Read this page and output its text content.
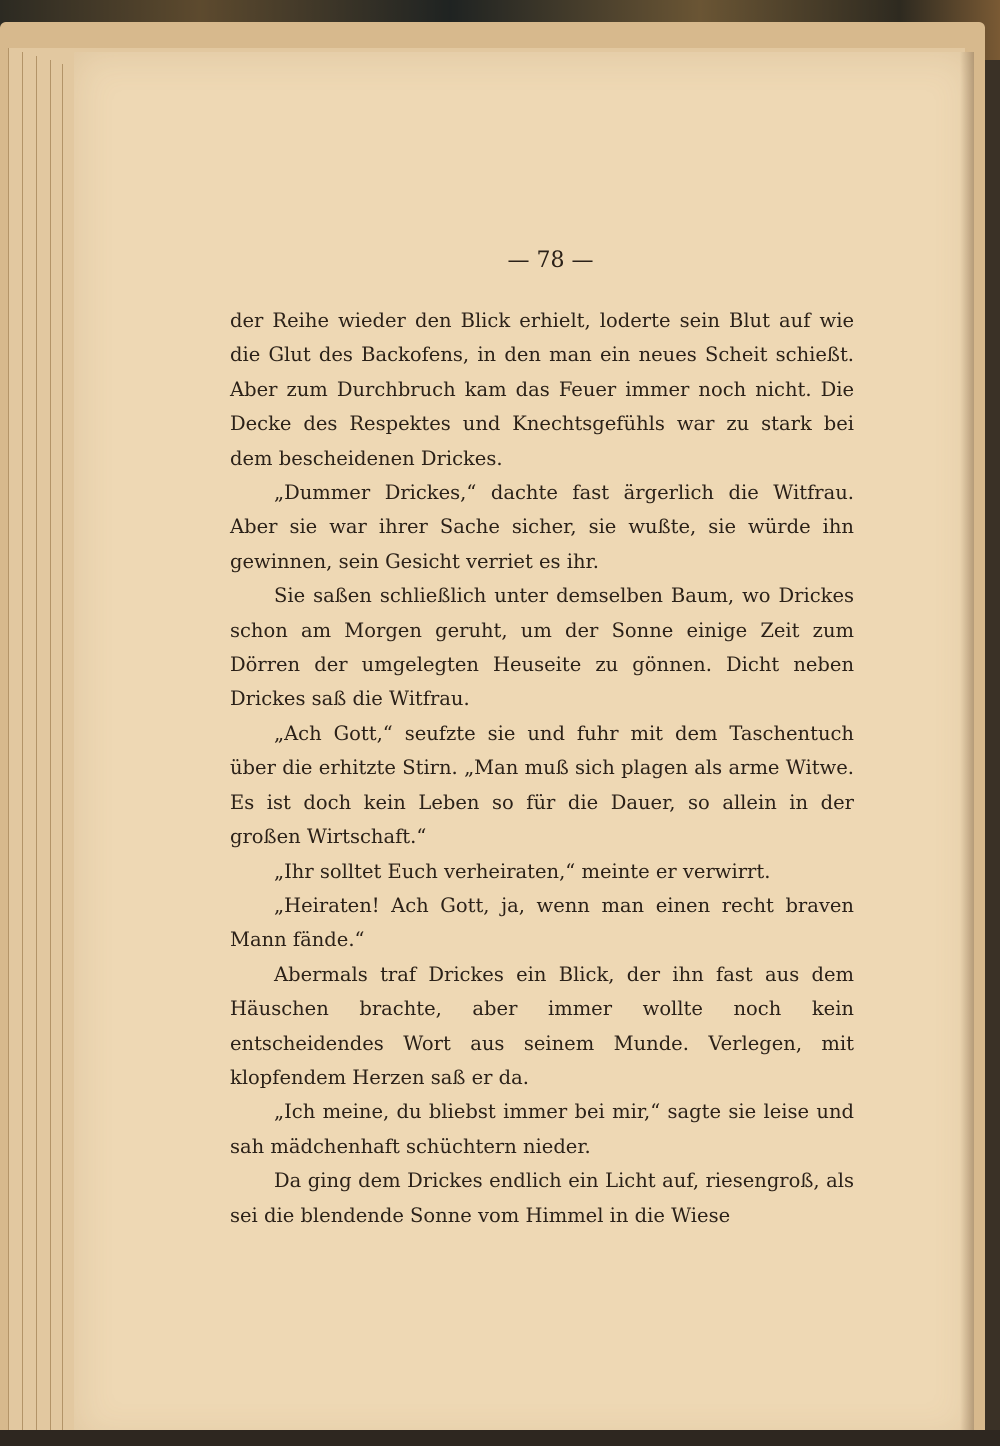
— 78 —

der Reihe wieder den Blick erhielt, loderte sein Blut auf wie die Glut des Backofens, in den man ein neues Scheit schießt. Aber zum Durchbruch kam das Feuer immer noch nicht. Die Decke des Respektes und Knechtsgefühls war zu stark bei dem bescheidenen Drickes.

„Dummer Drickes,“ dachte fast ärgerlich die Witfrau. Aber sie war ihrer Sache sicher, sie wußte, sie würde ihn gewinnen, sein Gesicht verriet es ihr.

Sie saßen schließlich unter demselben Baum, wo Drickes schon am Morgen geruht, um der Sonne einige Zeit zum Dörren der umgelegten Heuseite zu gönnen. Dicht neben Drickes saß die Witfrau.

„Ach Gott,“ seufzte sie und fuhr mit dem Taschentuch über die erhitzte Stirn. „Man muß sich plagen als arme Witwe. Es ist doch kein Leben so für die Dauer, so allein in der großen Wirtschaft.“

„Ihr solltet Euch verheiraten,“ meinte er verwirrt.

„Heiraten! Ach Gott, ja, wenn man einen recht braven Mann fände.“

Abermals traf Drickes ein Blick, der ihn fast aus dem Häuschen brachte, aber immer wollte noch kein entscheidendes Wort aus seinem Munde. Verlegen, mit klopfendem Herzen saß er da.

„Ich meine, du bliebst immer bei mir,“ sagte sie leise und sah mädchenhaft schüchtern nieder.

Da ging dem Drickes endlich ein Licht auf, riesengroß, als sei die blendende Sonne vom Himmel in die Wiese
